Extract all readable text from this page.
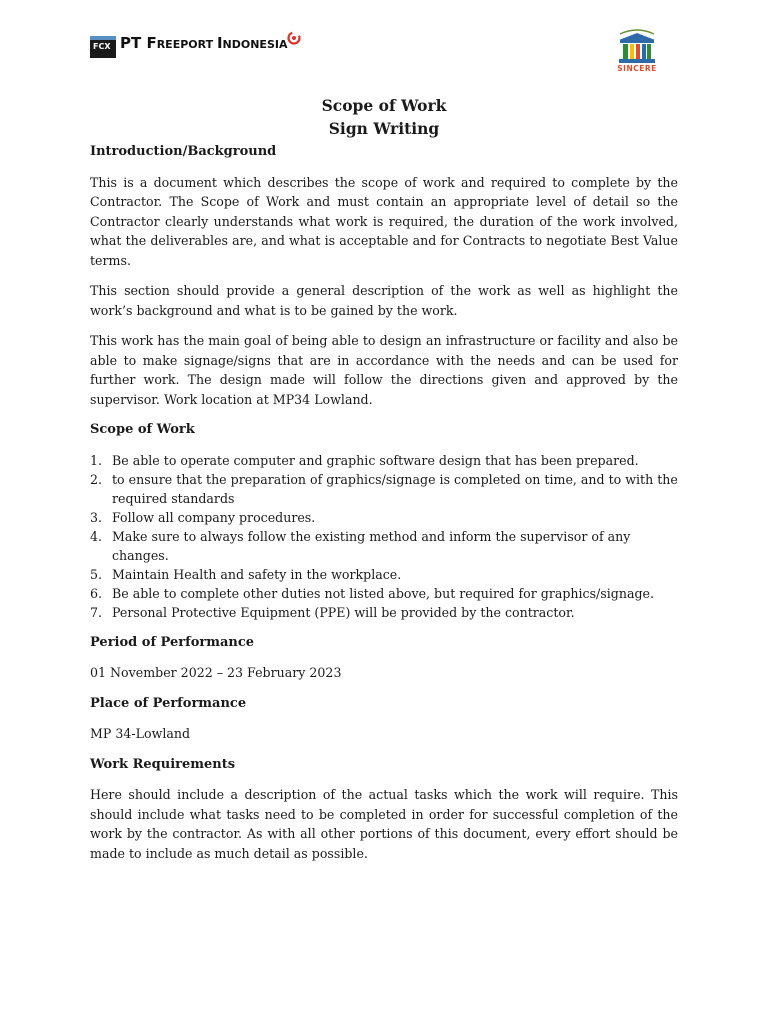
FCX PT FREEPORT INDONESIA
SINCERE

Scope of Work

Sign Writing

Introduction/Background

This is a document which describes the scope of work and required to complete by the Contractor. The Scope of Work and must contain an appropriate level of detail so the Contractor clearly understands what work is required, the duration of the work involved, what the deliverables are, and what is acceptable and for Contracts to negotiate Best Value terms.

This section should provide a general description of the work as well as highlight the work’s background and what is to be gained by the work.

This work has the main goal of being able to design an infrastructure or facility and also be able to make signage/signs that are in accordance with the needs and can be used for further work. The design made will follow the directions given and approved by the supervisor. Work location at MP34 Lowland.

Scope of Work

1. Be able to operate computer and graphic software design that has been prepared.
2. to ensure that the preparation of graphics/signage is completed on time, and to with the required standards
3. Follow all company procedures.
4. Make sure to always follow the existing method and inform the supervisor of any changes.
5. Maintain Health and safety in the workplace.
6. Be able to complete other duties not listed above, but required for graphics/signage.
7. Personal Protective Equipment (PPE) will be provided by the contractor.

Period of Performance

01 November 2022 – 23 February 2023

Place of Performance

MP 34-Lowland

Work Requirements

Here should include a description of the actual tasks which the work will require. This should include what tasks need to be completed in order for successful completion of the work by the contractor. As with all other portions of this document, every effort should be made to include as much detail as possible.
